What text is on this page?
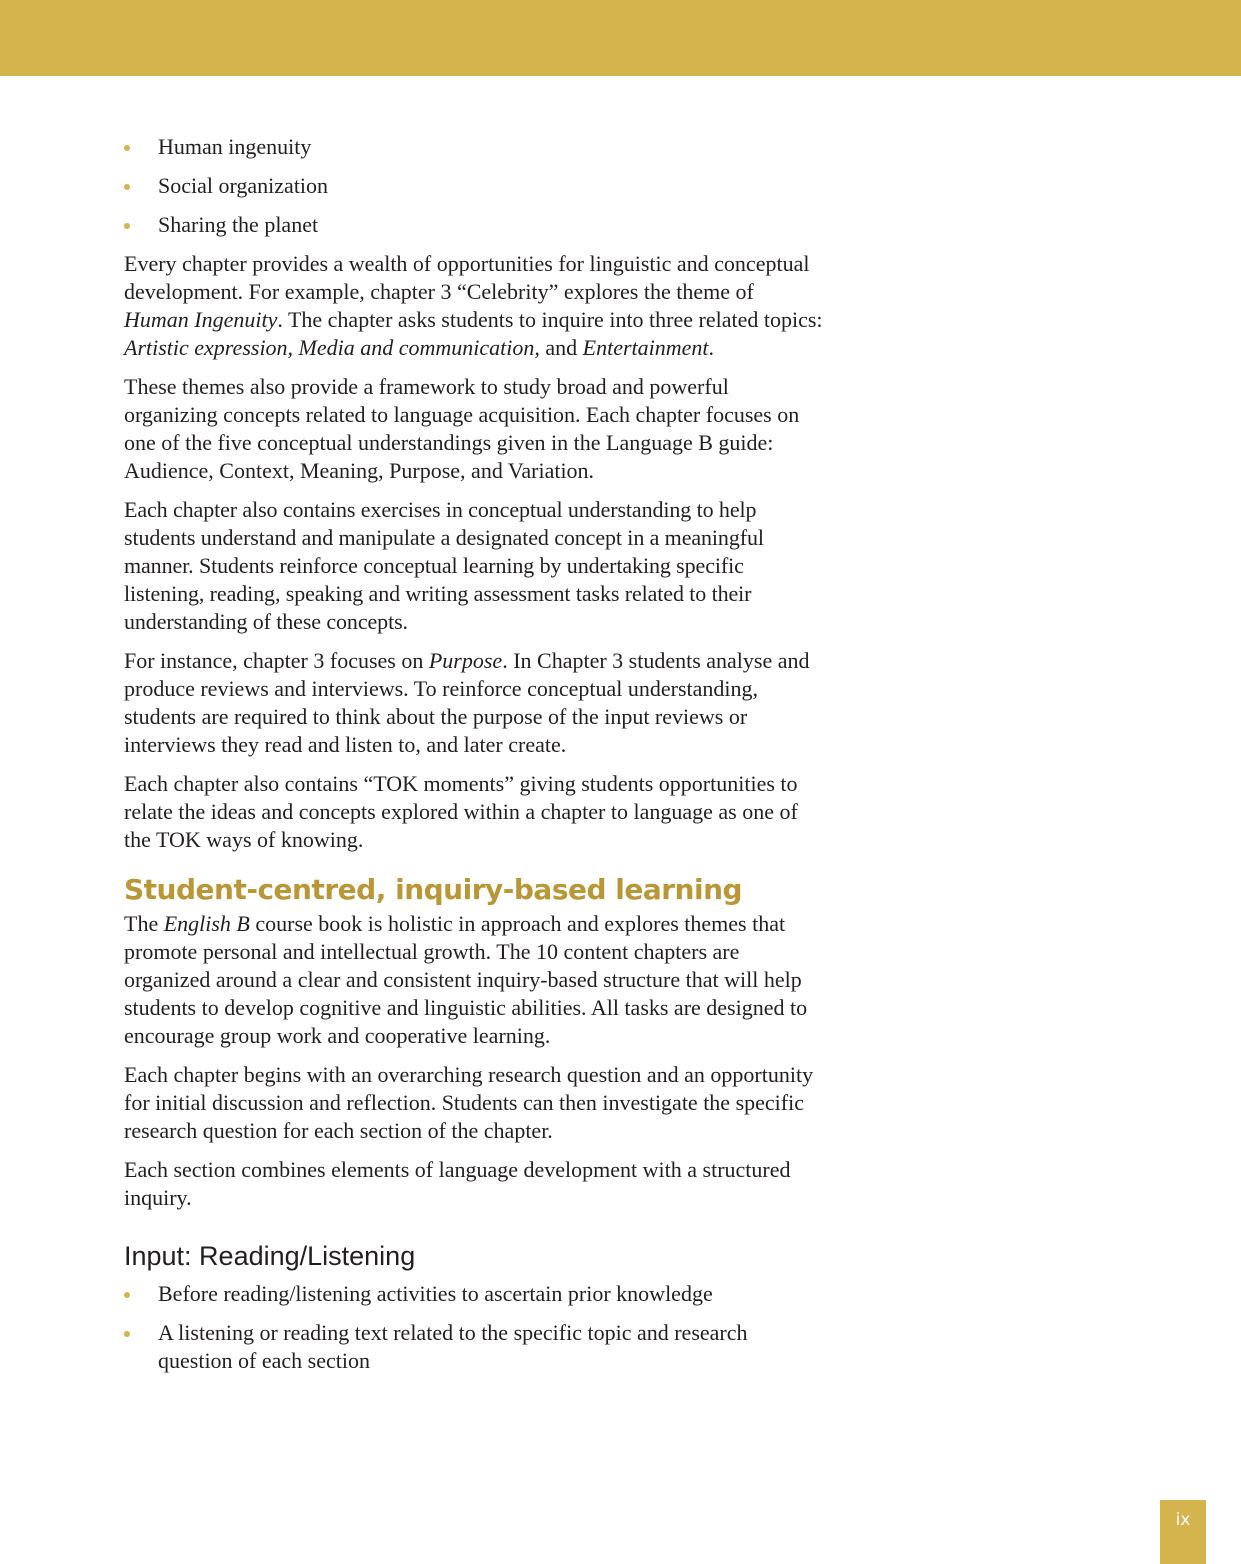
Human ingenuity
Social organization
Sharing the planet

Every chapter provides a wealth of opportunities for linguistic and conceptual development. For example, chapter 3 “Celebrity” explores the theme of Human Ingenuity. The chapter asks students to inquire into three related topics: Artistic expression, Media and communication, and Entertainment.

These themes also provide a framework to study broad and powerful organizing concepts related to language acquisition. Each chapter focuses on one of the five conceptual understandings given in the Language B guide: Audience, Context, Meaning, Purpose, and Variation.

Each chapter also contains exercises in conceptual understanding to help students understand and manipulate a designated concept in a meaningful manner. Students reinforce conceptual learning by undertaking specific listening, reading, speaking and writing assessment tasks related to their understanding of these concepts.

For instance, chapter 3 focuses on Purpose. In Chapter 3 students analyse and produce reviews and interviews. To reinforce conceptual understanding, students are required to think about the purpose of the input reviews or interviews they read and listen to, and later create.

Each chapter also contains “TOK moments” giving students opportunities to relate the ideas and concepts explored within a chapter to language as one of the TOK ways of knowing.

Student-centred, inquiry-based learning

The English B course book is holistic in approach and explores themes that promote personal and intellectual growth. The 10 content chapters are organized around a clear and consistent inquiry-based structure that will help students to develop cognitive and linguistic abilities. All tasks are designed to encourage group work and cooperative learning.

Each chapter begins with an overarching research question and an opportunity for initial discussion and reflection. Students can then investigate the specific research question for each section of the chapter.

Each section combines elements of language development with a structured inquiry.

Input: Reading/Listening
Before reading/listening activities to ascertain prior knowledge
A listening or reading text related to the specific topic and research question of each section
ix
